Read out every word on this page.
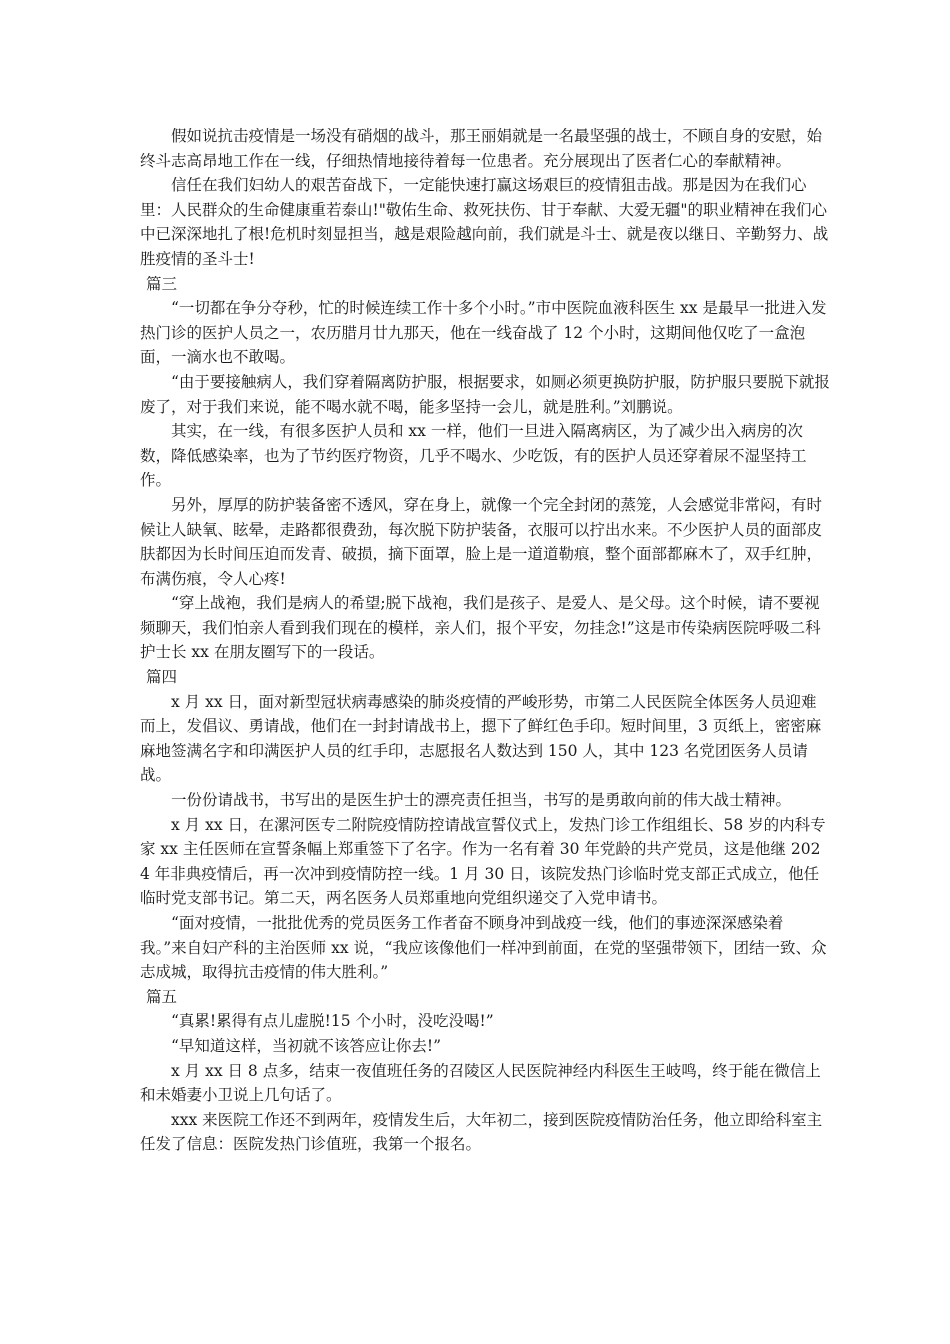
假如说抗击疫情是一场没有硝烟的战斗，那王丽娟就是一名最坚强的战士，不顾自身的安慰，始终斗志高昂地工作在一线，仔细热情地接待着每一位患者。充分展现出了医者仁心的奉献精神。

信任在我们妇幼人的艰苦奋战下，一定能快速打赢这场艰巨的疫情狙击战。那是因为在我们心里：人民群众的生命健康重若泰山!"敬佑生命、救死扶伤、甘于奉献、大爱无疆"的职业精神在我们心中已深深地扎了根!危机时刻显担当，越是艰险越向前，我们就是斗士、就是夜以继日、辛勤努力、战胜疫情的圣斗士!

篇三

“一切都在争分夺秒，忙的时候连续工作十多个小时。”市中医院血液科医生 xx 是最早一批进入发热门诊的医护人员之一，农历腊月廿九那天，他在一线奋战了 12 个小时，这期间他仅吃了一盒泡面，一滴水也不敢喝。

“由于要接触病人，我们穿着隔离防护服，根据要求，如厕必须更换防护服，防护服只要脱下就报废了，对于我们来说，能不喝水就不喝，能多坚持一会儿，就是胜利。”刘鹏说。

其实，在一线，有很多医护人员和 xx 一样，他们一旦进入隔离病区，为了减少出入病房的次数，降低感染率，也为了节约医疗物资，几乎不喝水、少吃饭，有的医护人员还穿着尿不湿坚持工作。

另外，厚厚的防护装备密不透风，穿在身上，就像一个完全封闭的蒸笼，人会感觉非常闷，有时候让人缺氧、眩晕，走路都很费劲，每次脱下防护装备，衣服可以拧出水来。不少医护人员的面部皮肤都因为长时间压迫而发青、破损，摘下面罩，脸上是一道道勒痕，整个面部都麻木了，双手红肿，布满伤痕，令人心疼!

“穿上战袍，我们是病人的希望;脱下战袍，我们是孩子、是爱人、是父母。这个时候，请不要视频聊天，我们怕亲人看到我们现在的模样，亲人们，报个平安，勿挂念!”这是市传染病医院呼吸二科护士长 xx 在朋友圈写下的一段话。

篇四

x 月 xx 日，面对新型冠状病毒感染的肺炎疫情的严峻形势，市第二人民医院全体医务人员迎难而上，发倡议、勇请战，他们在一封封请战书上，摁下了鲜红色手印。短时间里，3 页纸上，密密麻麻地签满名字和印满医护人员的红手印，志愿报名人数达到 150 人，其中 123 名党团医务人员请战。

一份份请战书，书写出的是医生护士的漂亮责任担当，书写的是勇敢向前的伟大战士精神。

x 月 xx 日，在漯河医专二附院疫情防控请战宣誓仪式上，发热门诊工作组组长、58 岁的内科专家 xx 主任医师在宣誓条幅上郑重签下了名字。作为一名有着 30 年党龄的共产党员，这是他继 2024 年非典疫情后，再一次冲到疫情防控一线。1 月 30 日，该院发热门诊临时党支部正式成立，他任临时党支部书记。第二天，两名医务人员郑重地向党组织递交了入党申请书。

“面对疫情，一批批优秀的党员医务工作者奋不顾身冲到战疫一线，他们的事迹深深感染着我。”来自妇产科的主治医师 xx 说，“我应该像他们一样冲到前面，在党的坚强带领下，团结一致、众志成城，取得抗击疫情的伟大胜利。”

篇五

“真累!累得有点儿虚脱!15 个小时，没吃没喝!”

“早知道这样，当初就不该答应让你去!”

x 月 xx 日 8 点多，结束一夜值班任务的召陵区人民医院神经内科医生王岐鸣，终于能在微信上和未婚妻小卫说上几句话了。

xxx 来医院工作还不到两年，疫情发生后，大年初二，接到医院疫情防治任务，他立即给科室主任发了信息：医院发热门诊值班，我第一个报名。
